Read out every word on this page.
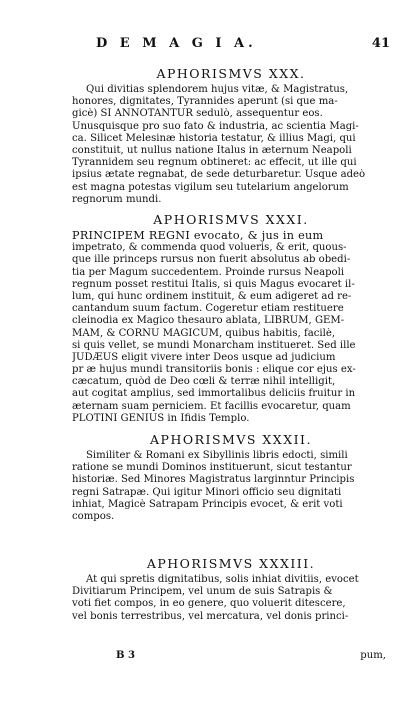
D E M A G I A.	41
APHORISMVS XXX.
Qui divitias splendorem hujus vitæ, & Magistratus,
honores, dignitates, Tyrannides aperunt (si que ma-
gicè) SI ANNOTANTUR sedulò, assequentur eos.
Unusquisque pro suo fato & industria, ac scientia Magi-
ca. Silicet Melesinæ historia testatur, & illius Magi, qui
constituit, ut nullus natione Italus in æternum Neapoli
Tyrannidem seu regnum obtineret: ac effecit, ut ille qui
ipsius ætate regnabat, de sede deturbaretur. Usque adeò
est magna potestas vigilum seu tutelarium angelorum
regnorum mundi.
APHORISMVS XXXI.
PRINCIPEM REGNI evocato, & jus in eum
impetrato, & commenda quod volueris, & erit, quous-
que ille princeps rursus non fuerit absolutus ab obedi-
tia per Magum succedentem. Proinde rursus Neapoli
regnum posset restitui Italis, si quis Magus evocaret il-
lum, qui hunc ordinem instituit, & eum adigeret ad re-
cantandum suum factum. Cogeretur etiam restituere
cleinodia ex Magico thesauro ablata, LIBRUM, GEM-
MAM, & CORNU MAGICUM, quibus habitis, facilè,
si quis vellet, se mundi Monarcham institueret. Sed ille
JUDÆUS eligit vivere inter Deos usque ad judicium
pr æ hujus mundi transitoriis bonis : elique cor ejus ex-
cæcatum, quòd de Deo cœli & terræ nihil intelligit,
aut cogitat amplius, sed immortalibus deliciis fruitur in
æternam suam perniciem. Et facillis evocaretur, quam
PLOTINI GENIUS in Ifidis Templo.
APHORISMVS XXXII.
Similiter & Romani ex Sibyllinis libris edocti, simili
ratione se mundi Dominos instituerunt, sicut testantur
historiæ. Sed Minores Magistratus larginntur Principis
regni Satrapæ. Qui igitur Minori officio seu dignitati
inhiat, Magicè Satrapam Principis evocet, & erit voti
compos.
APHORISMVS XXXIII.
At qui spretis dignitatibus, solis inhiat divitiis, evocet
Divitiarum Principem, vel unum de suis Satrapis &
voti fiet compos, in eo genere, quo voluerit ditescere,
vel bonis terrestribus, vel mercatura, vel donis princi-
B 3	pum,
